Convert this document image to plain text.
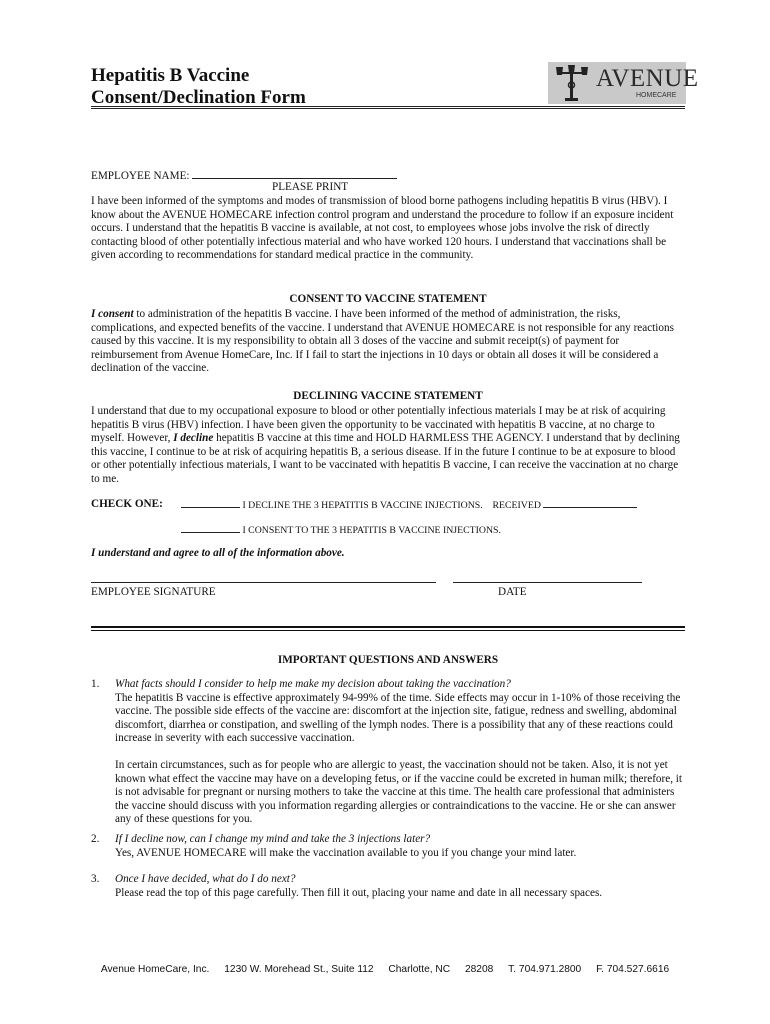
Hepatitis B Vaccine
Consent/Declination Form
AVENUE
HOMECARE
EMPLOYEE NAME:
PLEASE PRINT
I have been informed of the symptoms and modes of transmission of blood borne pathogens including hepatitis B virus (HBV). I know about the AVENUE HOMECARE infection control program and understand the procedure to follow if an exposure incident occurs. I understand that the hepatitis B vaccine is available, at not cost, to employees whose jobs involve the risk of directly contacting blood of other potentially infectious material and who have worked 120 hours. I understand that vaccinations shall be given according to recommendations for standard medical practice in the community.
CONSENT TO VACCINE STATEMENT
I consent to administration of the hepatitis B vaccine. I have been informed of the method of administration, the risks, complications, and expected benefits of the vaccine. I understand that AVENUE HOMECARE is not responsible for any reactions caused by this vaccine. It is my responsibility to obtain all 3 doses of the vaccine and submit receipt(s) of payment for reimbursement from Avenue HomeCare, Inc. If I fail to start the injections in 10 days or obtain all doses it will be considered a declination of the vaccine.
DECLINING VACCINE STATEMENT
I understand that due to my occupational exposure to blood or other potentially infectious materials I may be at risk of acquiring hepatitis B virus (HBV) infection. I have been given the opportunity to be vaccinated with hepatitis B vaccine, at no charge to myself. However, I decline hepatitis B vaccine at this time and HOLD HARMLESS THE AGENCY. I understand that by declining this vaccine, I continue to be at risk of acquiring hepatitis B, a serious disease. If in the future I continue to be at exposure to blood or other potentially infectious materials, I want to be vaccinated with hepatitis B vaccine, I can receive the vaccination at no charge to me.
CHECK ONE:	I DECLINE THE 3 HEPATITIS B VACCINE INJECTIONS. RECEIVED
I CONSENT TO THE 3 HEPATITIS B VACCINE INJECTIONS.
I understand and agree to all of the information above.
EMPLOYEE SIGNATURE	DATE
IMPORTANT QUESTIONS AND ANSWERS
1. What facts should I consider to help me make my decision about taking the vaccination?
The hepatitis B vaccine is effective approximately 94-99% of the time. Side effects may occur in 1-10% of those receiving the vaccine. The possible side effects of the vaccine are: discomfort at the injection site, fatigue, redness and swelling, abdominal discomfort, diarrhea or constipation, and swelling of the lymph nodes. There is a possibility that any of these reactions could increase in severity with each successive vaccination.
In certain circumstances, such as for people who are allergic to yeast, the vaccination should not be taken. Also, it is not yet known what effect the vaccine may have on a developing fetus, or if the vaccine could be excreted in human milk; therefore, it is not advisable for pregnant or nursing mothers to take the vaccine at this time. The health care professional that administers the vaccine should discuss with you information regarding allergies or contraindications to the vaccine. He or she can answer any of these questions for you.
2. If I decline now, can I change my mind and take the 3 injections later?
Yes, AVENUE HOMECARE will make the vaccination available to you if you change your mind later.
3. Once I have decided, what do I do next?
Please read the top of this page carefully. Then fill it out, placing your name and date in all necessary spaces.
Avenue HomeCare, Inc. 1230 W. Morehead St., Suite 112 Charlotte, NC 28208 T. 704.971.2800 F. 704.527.6616
